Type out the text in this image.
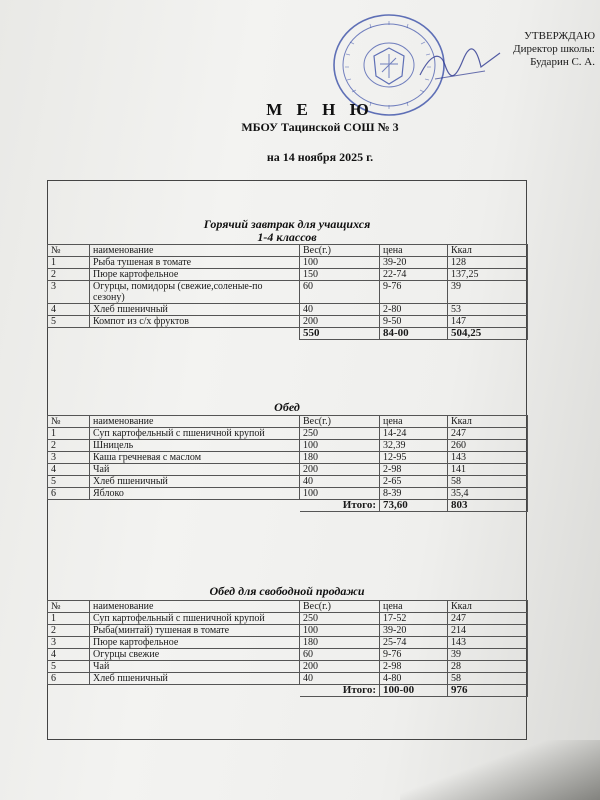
УТВЕРЖДАЮ
Директор школы:
Бударин С. А.
М Е Н Ю
МБОУ Тацинской СОШ № 3
на 14 ноября 2025 г.
Горячий завтрак для учащихся
1-4 классов
№	наименование	Вес(г.)	цена	Ккал
1	Рыба тушеная в томате	100	39-20	128
2	Пюре картофельное	150	22-74	137,25
3	Огурцы, помидоры (свежие,соленые-по сезону)	60	9-76	39
4	Хлеб пшеничный	40	2-80	53
5	Компот из с/х фруктов	200	9-50	147
		550	84-00	504,25
Обед
№	наименование	Вес(г.)	цена	Ккал
1	Суп картофельный с пшеничной крупой	250	14-24	247
2	Шницель	100	32,39	260
3	Каша гречневая с маслом	180	12-95	143
4	Чай	200	2-98	141
5	Хлеб пшеничный	40	2-65	58
6	Яблоко	100	8-39	35,4
		Итого:	73,60	803
Обед для свободной продажи
№	наименование	Вес(г.)	цена	Ккал
1	Суп картофельный с пшеничной крупой	250	17-52	247
2	Рыба(минтай) тушеная в томате	100	39-20	214
3	Пюре картофельное	180	25-74	143
4	Огурцы свежие	60	9-76	39
5	Чай	200	2-98	28
6	Хлеб пшеничный	40	4-80	58
		Итого:	100-00	976
